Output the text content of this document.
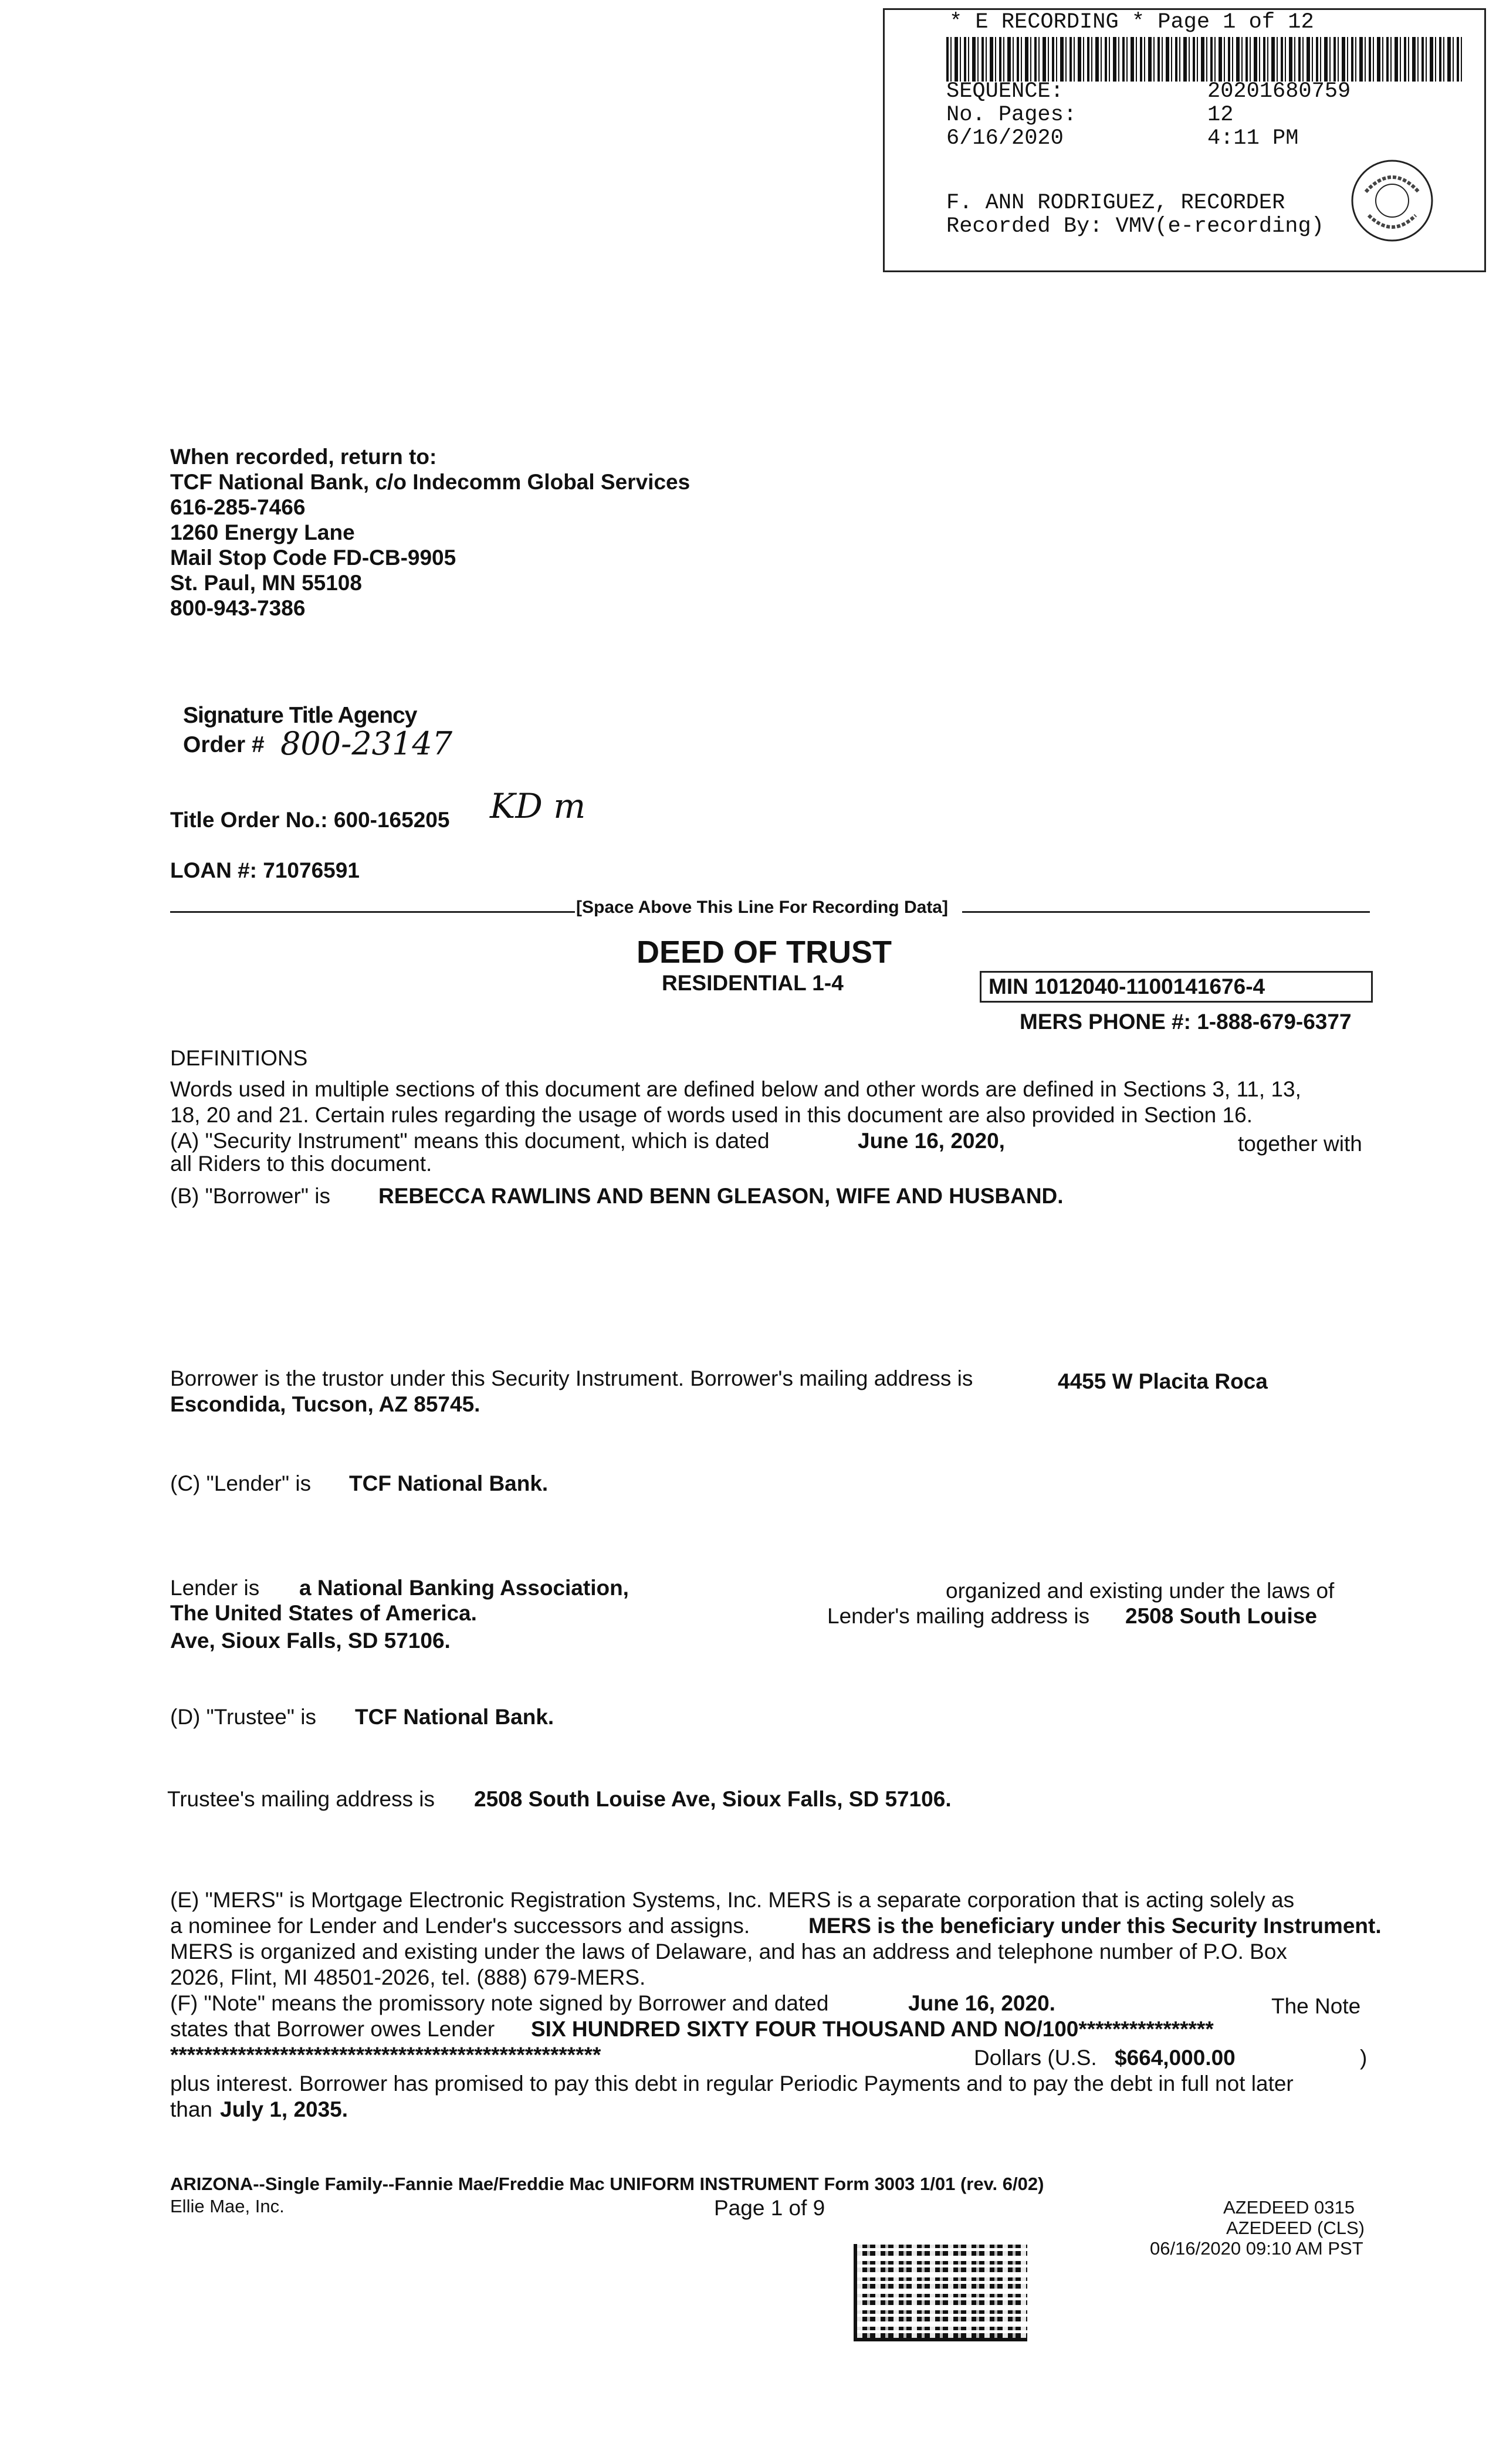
* E RECORDING * Page 1 of 12
SEQUENCE:	20201680759
No. Pages:	12
6/16/2020	4:11 PM
F. ANN RODRIGUEZ, RECORDER
Recorded By: VMV(e-recording)
When recorded, return to:
TCF National Bank, c/o Indecomm Global Services
616-285-7466
1260 Energy Lane
Mail Stop Code FD-CB-9905
St. Paul, MN 55108
800-943-7386
Signature Title Agency
Order # 800-23147
Title Order No.: 600-165205 KD m
LOAN #: 71076591
[Space Above This Line For Recording Data]
DEED OF TRUST
RESIDENTIAL 1-4	MIN 1012040-1100141676-4
MERS PHONE #: 1-888-679-6377
DEFINITIONS
Words used in multiple sections of this document are defined below and other words are defined in Sections 3, 11, 13,
18, 20 and 21. Certain rules regarding the usage of words used in this document are also provided in Section 16.
(A) "Security Instrument" means this document, which is dated	June 16, 2020,	together with
all Riders to this document.
(B) "Borrower" is REBECCA RAWLINS AND BENN GLEASON, WIFE AND HUSBAND.
Borrower is the trustor under this Security Instrument. Borrower's mailing address is	4455 W Placita Roca
Escondida, Tucson, AZ 85745.
(C) "Lender" is TCF National Bank.
Lender is a National Banking Association,	organized and existing under the laws of
The United States of America.	Lender's mailing address is 2508 South Louise
Ave, Sioux Falls, SD 57106.
(D) "Trustee" is TCF National Bank.
Trustee's mailing address is 2508 South Louise Ave, Sioux Falls, SD 57106.
(E) "MERS" is Mortgage Electronic Registration Systems, Inc. MERS is a separate corporation that is acting solely as
a nominee for Lender and Lender's successors and assigns.	MERS is the beneficiary under this Security Instrument.
MERS is organized and existing under the laws of Delaware, and has an address and telephone number of P.O. Box
2026, Flint, MI 48501-2026, tel. (888) 679-MERS.
(F) "Note" means the promissory note signed by Borrower and dated	June 16, 2020.	The Note
states that Borrower owes Lender SIX HUNDRED SIXTY FOUR THOUSAND AND NO/100****************
***************************************************	Dollars (U.S. $664,000.00	)
plus interest. Borrower has promised to pay this debt in regular Periodic Payments and to pay the debt in full not later
than July 1, 2035.
ARIZONA--Single Family--Fannie Mae/Freddie Mac UNIFORM INSTRUMENT Form 3003 1/01 (rev. 6/02)
Ellie Mae, Inc.	Page 1 of 9	AZEDEED 0315
AZEDEED (CLS)
06/16/2020 09:10 AM PST
